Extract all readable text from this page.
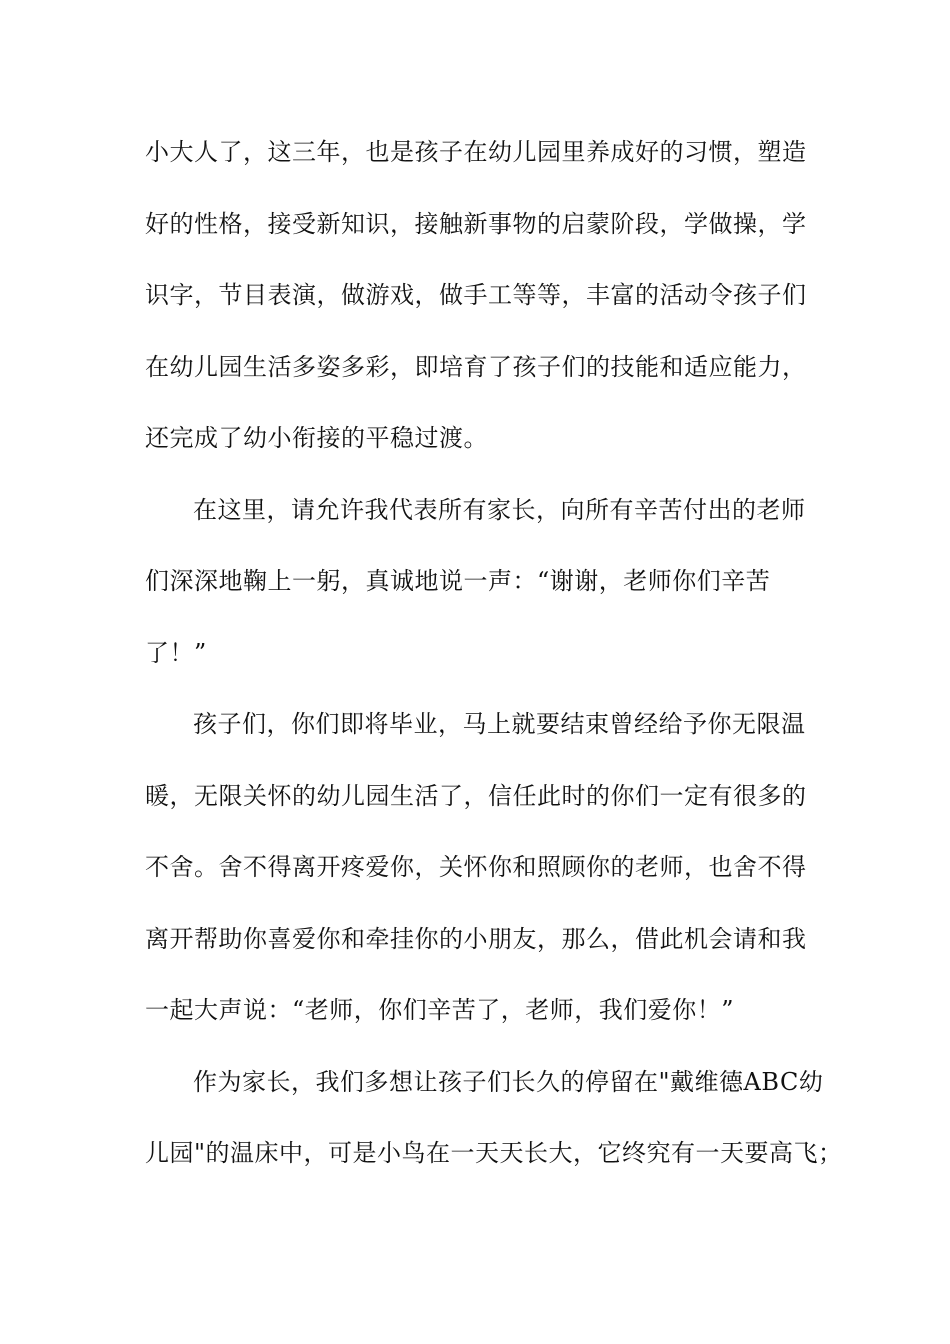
小大人了，这三年，也是孩子在幼儿园里养成好的习惯，塑造
好的性格，接受新知识，接触新事物的启蒙阶段，学做操，学
识字，节目表演，做游戏，做手工等等，丰富的活动令孩子们
在幼儿园生活多姿多彩，即培育了孩子们的技能和适应能力，
还完成了幼小衔接的平稳过渡。
在这里，请允许我代表所有家长，向所有辛苦付出的老师
们深深地鞠上一躬，真诚地说一声：“谢谢，老师你们辛苦
了！”
孩子们，你们即将毕业，马上就要结束曾经给予你无限温
暖，无限关怀的幼儿园生活了，信任此时的你们一定有很多的
不舍。舍不得离开疼爱你，关怀你和照顾你的老师，也舍不得
离开帮助你喜爱你和牵挂你的小朋友，那么，借此机会请和我
一起大声说：“老师，你们辛苦了，老师，我们爱你！”
作为家长，我们多想让孩子们长久的停留在"戴维德ABC幼
儿园"的温床中，可是小鸟在一天天长大，它终究有一天要高飞；
